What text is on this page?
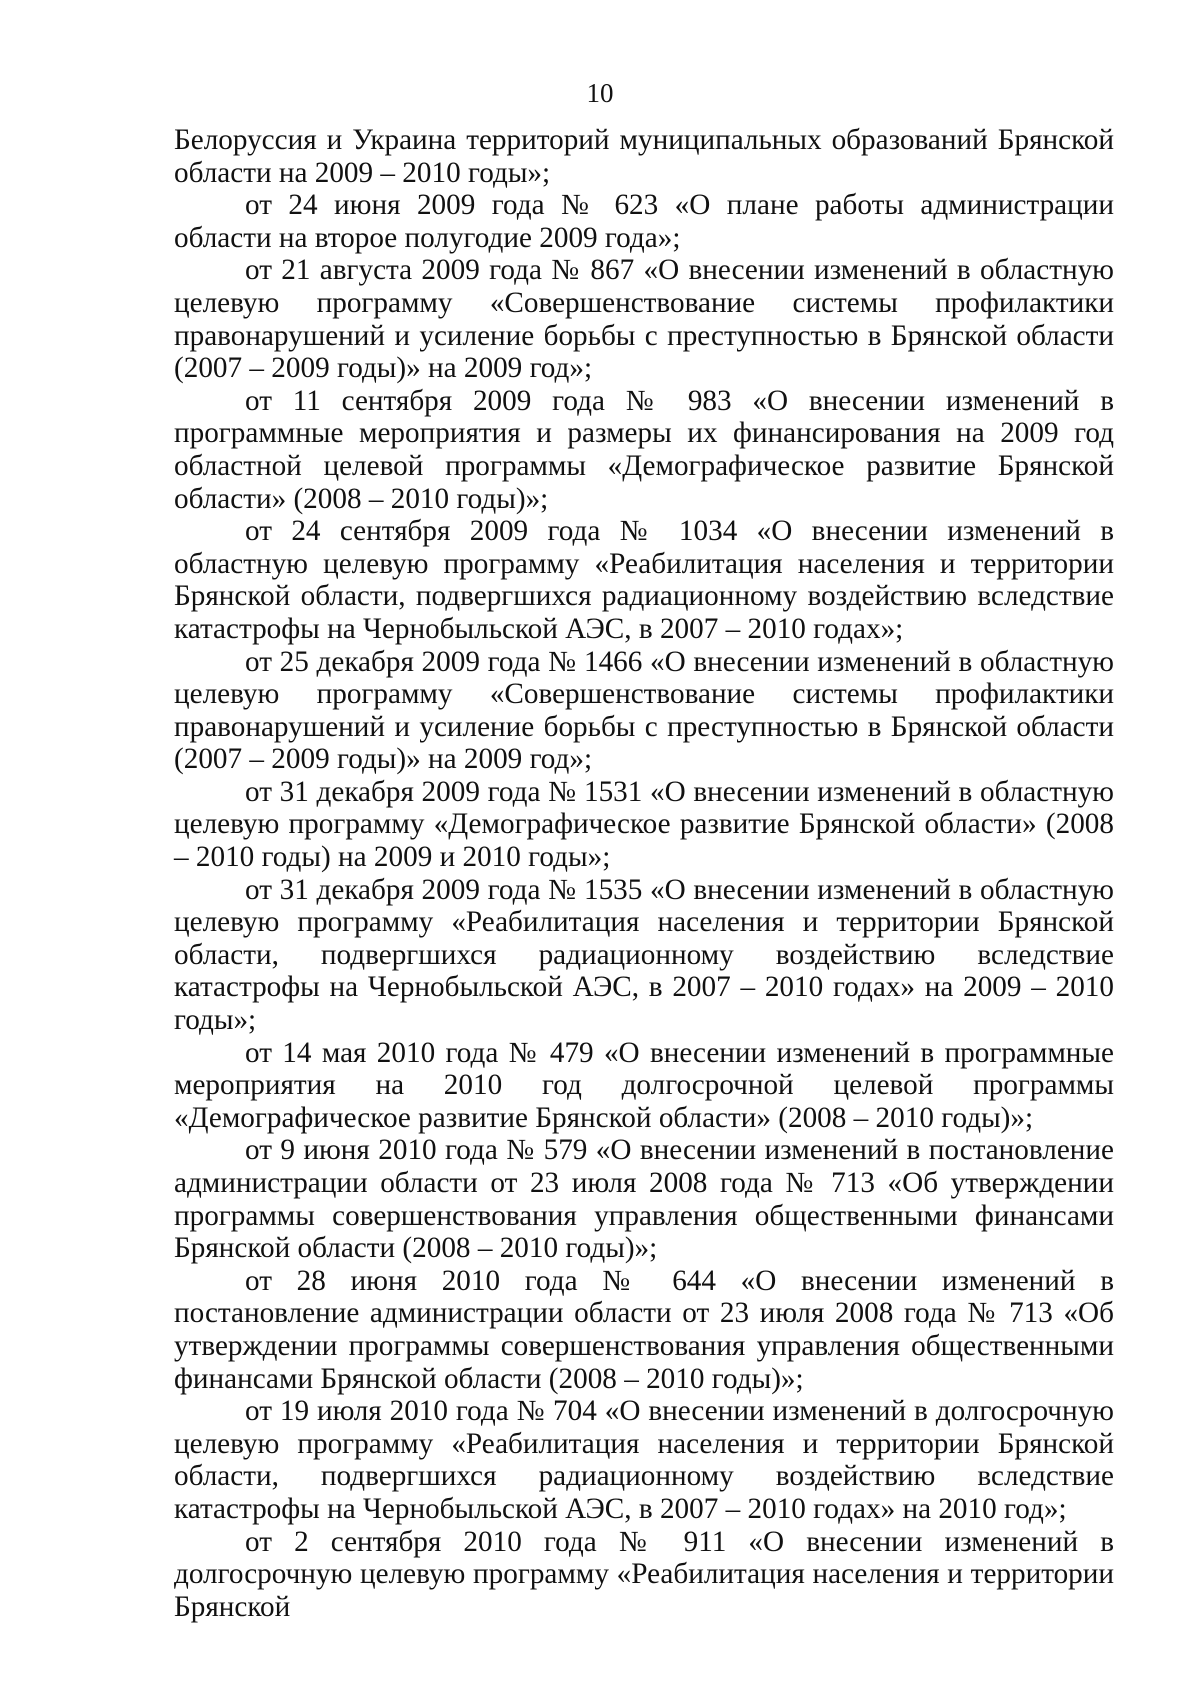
10

Белоруссия и Украина территорий муниципальных образований Брянской области на 2009 – 2010 годы»;

от 24 июня 2009 года № 623 «О плане работы администрации области на второе полугодие 2009 года»;

от 21 августа 2009 года № 867 «О внесении изменений в областную целевую программу «Совершенствование системы профилактики правонарушений и усиление борьбы с преступностью в Брянской области (2007 – 2009 годы)» на 2009 год»;

от 11 сентября 2009 года № 983 «О внесении изменений в программные мероприятия и размеры их финансирования на 2009 год областной целевой программы «Демографическое развитие Брянской области» (2008 – 2010 годы)»;

от 24 сентября 2009 года № 1034 «О внесении изменений в областную целевую программу «Реабилитация населения и территории Брянской области, подвергшихся радиационному воздействию вследствие катастрофы на Чернобыльской АЭС, в 2007 – 2010 годах»;

от 25 декабря 2009 года № 1466 «О внесении изменений в областную целевую программу «Совершенствование системы профилактики правонарушений и усиление борьбы с преступностью в Брянской области (2007 – 2009 годы)» на 2009 год»;

от 31 декабря 2009 года № 1531 «О внесении изменений в областную целевую программу «Демографическое развитие Брянской области» (2008 – 2010 годы) на 2009 и 2010 годы»;

от 31 декабря 2009 года № 1535 «О внесении изменений в областную целевую программу «Реабилитация населения и территории Брянской области, подвергшихся радиационному воздействию вследствие катастрофы на Чернобыльской АЭС, в 2007 – 2010 годах» на 2009 – 2010 годы»;

от 14 мая 2010 года № 479 «О внесении изменений в программные мероприятия на 2010 год долгосрочной целевой программы «Демографическое развитие Брянской области» (2008 – 2010 годы)»;

от 9 июня 2010 года № 579 «О внесении изменений в постановление администрации области от 23 июля 2008 года № 713 «Об утверждении программы совершенствования управления общественными финансами Брянской области (2008 – 2010 годы)»;

от 28 июня 2010 года № 644 «О внесении изменений в постановление администрации области от 23 июля 2008 года № 713 «Об утверждении программы совершенствования управления общественными финансами Брянской области (2008 – 2010 годы)»;

от 19 июля 2010 года № 704 «О внесении изменений в долгосрочную целевую программу «Реабилитация населения и территории Брянской области, подвергшихся радиационному воздействию вследствие катастрофы на Чернобыльской АЭС, в 2007 – 2010 годах» на 2010 год»;

от 2 сентября 2010 года № 911 «О внесении изменений в долгосрочную целевую программу «Реабилитация населения и территории Брянской
